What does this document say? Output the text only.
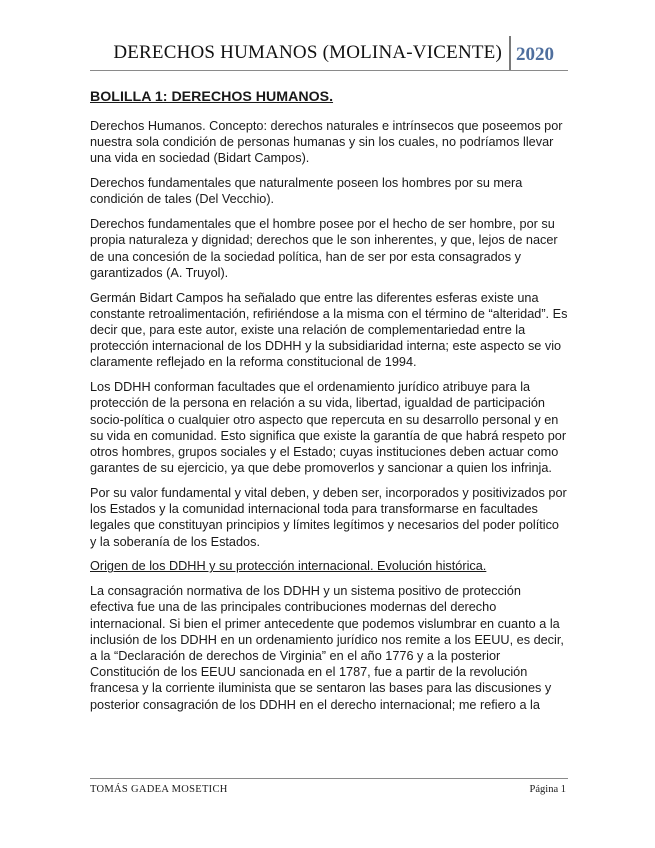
DERECHOS HUMANOS (MOLINA-VICENTE) 2020
BOLILLA 1: DERECHOS HUMANOS.

Derechos Humanos. Concepto: derechos naturales e intrínsecos que poseemos por nuestra sola condición de personas humanas y sin los cuales, no podríamos llevar una vida en sociedad (Bidart Campos).

Derechos fundamentales que naturalmente poseen los hombres por su mera condición de tales (Del Vecchio).

Derechos fundamentales que el hombre posee por el hecho de ser hombre, por su propia naturaleza y dignidad; derechos que le son inherentes, y que, lejos de nacer de una concesión de la sociedad política, han de ser por esta consagrados y garantizados (A. Truyol).

Germán Bidart Campos ha señalado que entre las diferentes esferas existe una constante retroalimentación, refiriéndose a la misma con el término de “alteridad”. Es decir que, para este autor, existe una relación de complementariedad entre la protección internacional de los DDHH y la subsidiaridad interna; este aspecto se vio claramente reflejado en la reforma constitucional de 1994.

Los DDHH conforman facultades que el ordenamiento jurídico atribuye para la protección de la persona en relación a su vida, libertad, igualdad de participación socio-política o cualquier otro aspecto que repercuta en su desarrollo personal y en su vida en comunidad. Esto significa que existe la garantía de que habrá respeto por otros hombres, grupos sociales y el Estado; cuyas instituciones deben actuar como garantes de su ejercicio, ya que debe promoverlos y sancionar a quien los infrinja.

Por su valor fundamental y vital deben, y deben ser, incorporados y positivizados por los Estados y la comunidad internacional toda para transformarse en facultades legales que constituyan principios y límites legítimos y necesarios del poder político y la soberanía de los Estados.

Origen de los DDHH y su protección internacional. Evolución histórica.

La consagración normativa de los DDHH y un sistema positivo de protección efectiva fue una de las principales contribuciones modernas del derecho internacional. Si bien el primer antecedente que podemos vislumbrar en cuanto a la inclusión de los DDHH en un ordenamiento jurídico nos remite a los EEUU, es decir, a la “Declaración de derechos de Virginia” en el año 1776 y a la posterior Constitución de los EEUU sancionada en el 1787, fue a partir de la revolución francesa y la corriente iluminista que se sentaron las bases para las discusiones y posterior consagración de los DDHH en el derecho internacional; me refiero a la

TOMÁS GADEA MOSETICH	Página 1
